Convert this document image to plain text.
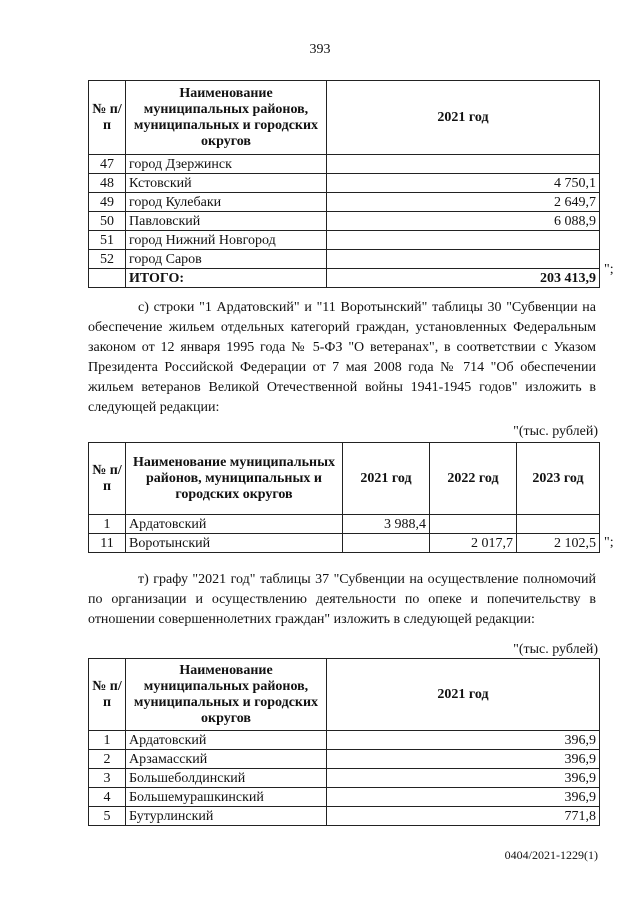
393
№ п/п	Наименование муниципальных районов, муниципальных и городских округов	2021 год
47	город Дзержинск	
48	Кстовский	4 750,1
49	город Кулебаки	2 649,7
50	Павловский	6 088,9
51	город Нижний Новгород	
52	город Саров	
	ИТОГО:	203 413,9
";

с) строки "1 Ардатовский" и "11 Воротынский" таблицы 30 "Субвенции на обеспечение жильем отдельных категорий граждан, установленных Федеральным законом от 12 января 1995 года № 5-ФЗ "О ветеранах", в соответствии с Указом Президента Российской Федерации от 7 мая 2008 года № 714 "Об обеспечении жильем ветеранов Великой Отечественной войны 1941-1945 годов" изложить в следующей редакции:

"(тыс. рублей)
№ п/п	Наименование муниципальных районов, муниципальных и городских округов	2021 год	2022 год	2023 год
1	Ардатовский	3 988,4		
11	Воротынский		2 017,7	2 102,5 ";

т) графу "2021 год" таблицы 37 "Субвенции на осуществление полномочий по организации и осуществлению деятельности по опеке и попечительству в отношении совершеннолетних граждан" изложить в следующей редакции:

"(тыс. рублей)
№ п/п	Наименование муниципальных районов, муниципальных и городских округов	2021 год
1	Ардатовский	396,9
2	Арзамасский	396,9
3	Большеболдинский	396,9
4	Большемурашкинский	396,9
5	Бутурлинский	771,8
0404/2021-1229(1)
